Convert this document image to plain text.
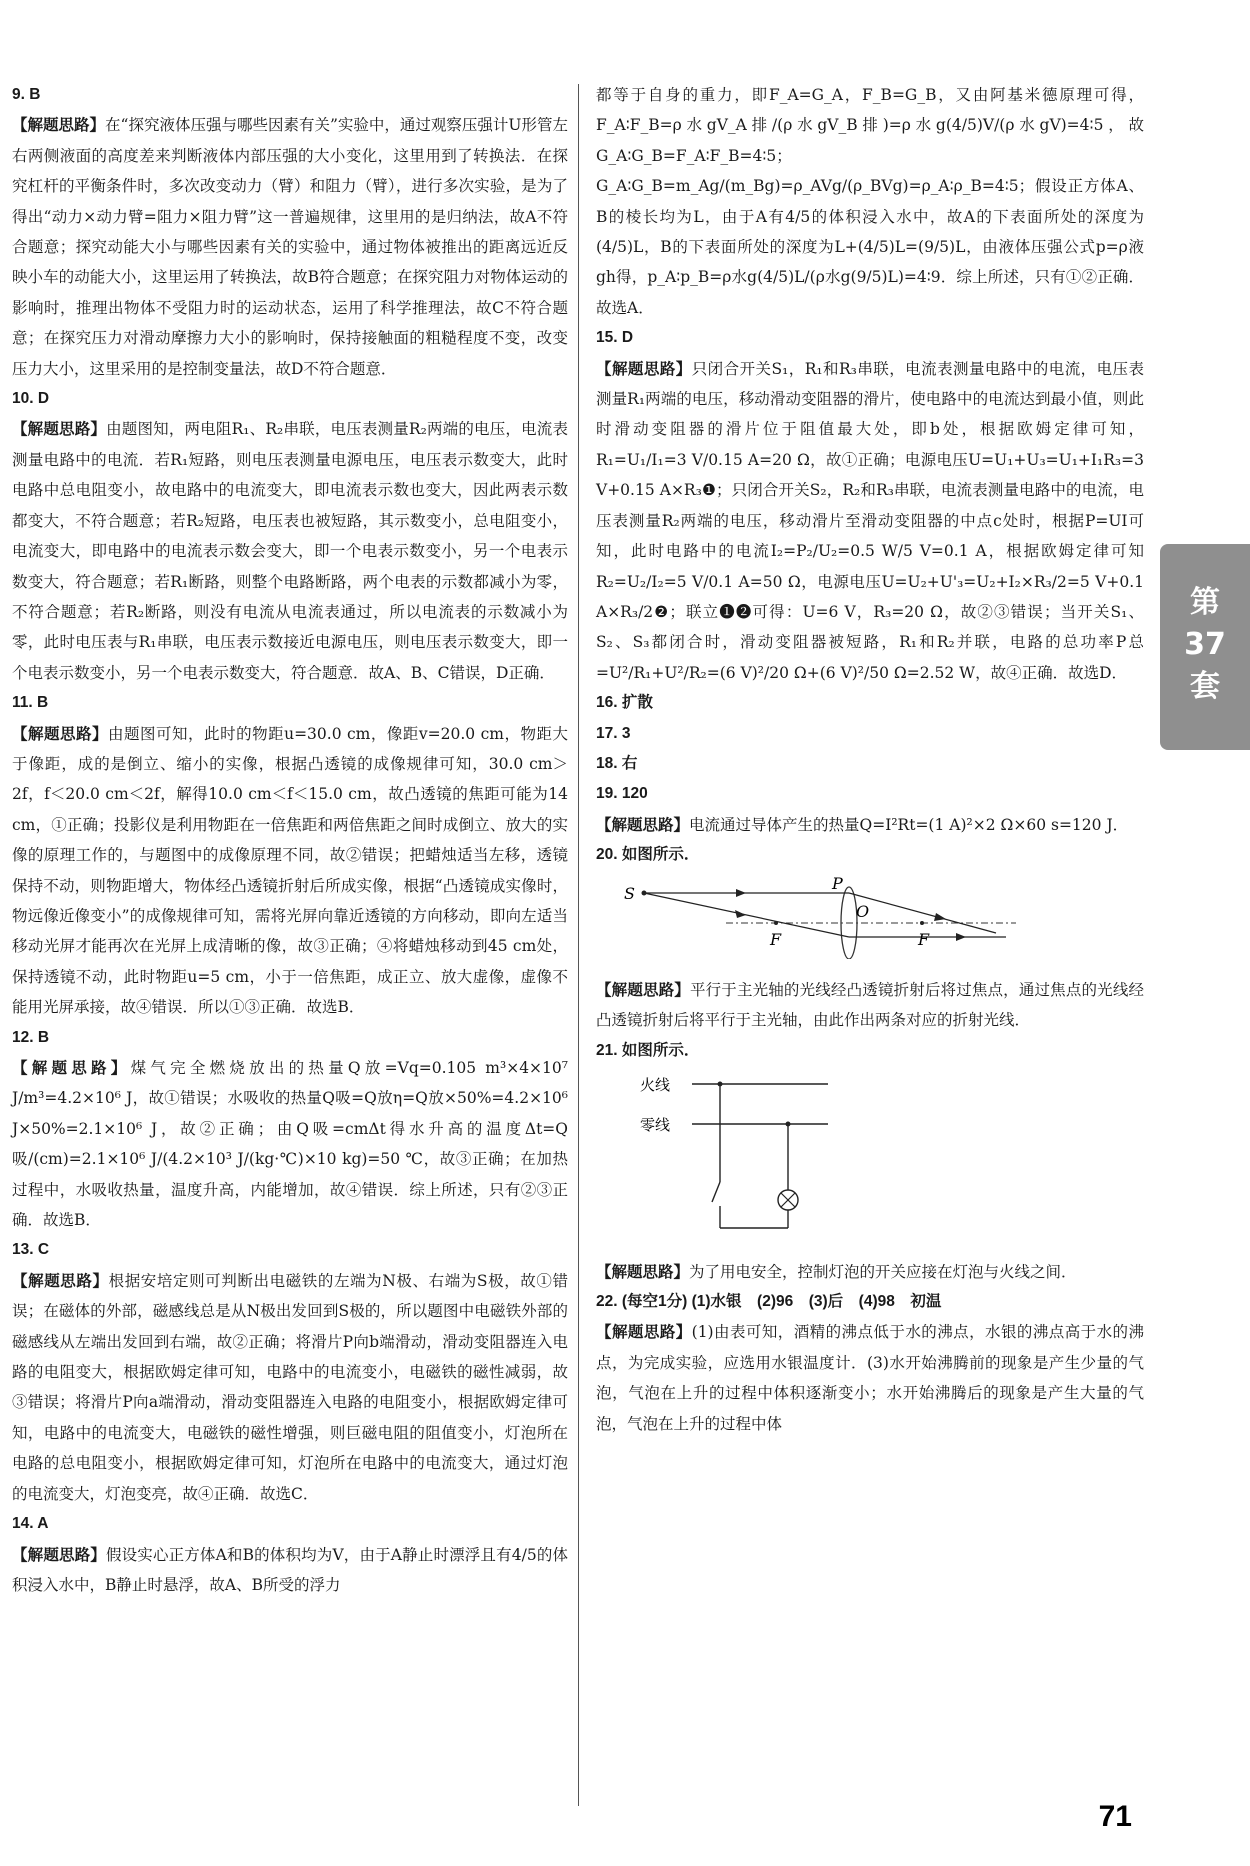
9. B
【解题思路】在“探究液体压强与哪些因素有关”实验中，通过观察压强计U形管左右两侧液面的高度差来判断液体内部压强的大小变化，这里用到了转换法．在探究杠杆的平衡条件时，多次改变动力（臂）和阻力（臂），进行多次实验，是为了得出“动力×动力臂=阻力×阻力臂”这一普遍规律，这里用的是归纳法，故A不符合题意；探究动能大小与哪些因素有关的实验中，通过物体被推出的距离远近反映小车的动能大小，这里运用了转换法，故B符合题意；在探究阻力对物体运动的影响时，推理出物体不受阻力时的运动状态，运用了科学推理法，故C不符合题意；在探究压力对滑动摩擦力大小的影响时，保持接触面的粗糙程度不变，改变压力大小，这里采用的是控制变量法，故D不符合题意．
10. D
【解题思路】由题图知，两电阻R₁、R₂串联，电压表测量R₂两端的电压，电流表测量电路中的电流．若R₁短路，则电压表测量电源电压，电压表示数变大，此时电路中总电阻变小，故电路中的电流变大，即电流表示数也变大，因此两表示数都变大，不符合题意；若R₂短路，电压表也被短路，其示数变小，总电阻变小，电流变大，即电路中的电流表示数会变大，即一个电表示数变小，另一个电表示数变大，符合题意；若R₁断路，则整个电路断路，两个电表的示数都减小为零，不符合题意；若R₂断路，则没有电流从电流表通过，所以电流表的示数减小为零，此时电压表与R₁串联，电压表示数接近电源电压，则电压表示数变大，即一个电表示数变小，另一个电表示数变大，符合题意．故A、B、C错误，D正确．
11. B
【解题思路】由题图可知，此时的物距u=30.0 cm，像距v=20.0 cm，物距大于像距，成的是倒立、缩小的实像，根据凸透镜的成像规律可知，30.0 cm＞2f，f＜20.0 cm＜2f，解得10.0 cm＜f＜15.0 cm，故凸透镜的焦距可能为14 cm，①正确；投影仪是利用物距在一倍焦距和两倍焦距之间时成倒立、放大的实像的原理工作的，与题图中的成像原理不同，故②错误；把蜡烛适当左移，透镜保持不动，则物距增大，物体经凸透镜折射后所成实像，根据“凸透镜成实像时，物远像近像变小”的成像规律可知，需将光屏向靠近透镜的方向移动，即向左适当移动光屏才能再次在光屏上成清晰的像，故③正确；④将蜡烛移动到45 cm处，保持透镜不动，此时物距u=5 cm，小于一倍焦距，成正立、放大虚像，虚像不能用光屏承接，故④错误．所以①③正确．故选B．
12. B
【解题思路】煤气完全燃烧放出的热量Q放=Vq=0.105 m³×4×10⁷ J/m³=4.2×10⁶ J，故①错误；水吸收的热量Q吸=Q放η=Q放×50%=4.2×10⁶ J×50%=2.1×10⁶ J，故②正确；由Q吸=cmΔt得水升高的温度Δt=Q吸/(cm)=2.1×10⁶ J/(4.2×10³ J/(kg·℃)×10 kg)=50 ℃，故③正确；在加热过程中，水吸收热量，温度升高，内能增加，故④错误．综上所述，只有②③正确．故选B．
13. C
【解题思路】根据安培定则可判断出电磁铁的左端为N极、右端为S极，故①错误；在磁体的外部，磁感线总是从N极出发回到S极的，所以题图中电磁铁外部的磁感线从左端出发回到右端，故②正确；将滑片P向b端滑动，滑动变阻器连入电路的电阻变大，根据欧姆定律可知，电路中的电流变小，电磁铁的磁性减弱，故③错误；将滑片P向a端滑动，滑动变阻器连入电路的电阻变小，根据欧姆定律可知，电路中的电流变大，电磁铁的磁性增强，则巨磁电阻的阻值变小，灯泡所在电路的总电阻变小，根据欧姆定律可知，灯泡所在电路中的电流变大，通过灯泡的电流变大，灯泡变亮，故④正确．故选C．
14. A
【解题思路】假设实心正方体A和B的体积均为V，由于A静止时漂浮且有4/5的体积浸入水中，B静止时悬浮，故A、B所受的浮力
都等于自身的重力，即F_A=G_A，F_B=G_B，又由阿基米德原理可得，F_A∶F_B=ρ水gV_A排/(ρ水gV_B排)=ρ水g(4/5)V/(ρ水gV)=4∶5，故G_A∶G_B=F_A∶F_B=4∶5；G_A∶G_B=m_Ag/(m_Bg)=ρ_AVg/(ρ_BVg)=ρ_A∶ρ_B=4∶5；假设正方体A、B的棱长均为L，由于A有4/5的体积浸入水中，故A的下表面所处的深度为(4/5)L，B的下表面所处的深度为L+(4/5)L=(9/5)L，由液体压强公式p=ρ液gh得，p_A∶p_B=ρ水g(4/5)L/(ρ水g(9/5)L)=4∶9．综上所述，只有①②正确．故选A．
15. D
【解题思路】只闭合开关S₁，R₁和R₃串联，电流表测量电路中的电流，电压表测量R₁两端的电压，移动滑动变阻器的滑片，使电路中的电流达到最小值，则此时滑动变阻器的滑片位于阻值最大处，即b处，根据欧姆定律可知，R₁=U₁/I₁=3 V/0.15 A=20 Ω，故①正确；电源电压U=U₁+U₃=U₁+I₁R₃=3 V+0.15 A×R₃❶；只闭合开关S₂，R₂和R₃串联，电流表测量电路中的电流，电压表测量R₂两端的电压，移动滑片至滑动变阻器的中点c处时，根据P=UI可知，此时电路中的电流I₂=P₂/U₂=0.5 W/5 V=0.1 A，根据欧姆定律可知R₂=U₂/I₂=5 V/0.1 A=50 Ω，电源电压U=U₂+U'₃=U₂+I₂×R₃/2=5 V+0.1 A×R₃/2❷；联立❶❷可得：U=6 V，R₃=20 Ω，故②③错误；当开关S₁、S₂、S₃都闭合时，滑动变阻器被短路，R₁和R₂并联，电路的总功率P总=U²/R₁+U²/R₂=(6 V)²/20 Ω+(6 V)²/50 Ω=2.52 W，故④正确．故选D．
16. 扩散
17. 3
18. 右
19. 120
【解题思路】电流通过导体产生的热量Q=I²Rt=(1 A)²×2 Ω×60 s=120 J．
20. 如图所示．
S
P
O
F	F
【解题思路】平行于主光轴的光线经凸透镜折射后将过焦点，通过焦点的光线经凸透镜折射后将平行于主光轴，由此作出两条对应的折射光线．
21. 如图所示．
火线
零线
【解题思路】为了用电安全，控制灯泡的开关应接在灯泡与火线之间．
22. (每空1分) (1)水银　(2)96　(3)后　(4)98　初温
【解题思路】(1)由表可知，酒精的沸点低于水的沸点，水银的沸点高于水的沸点，为完成实验，应选用水银温度计．(3)水开始沸腾前的现象是产生少量的气泡，气泡在上升的过程中体积逐渐变小；水开始沸腾后的现象是产生大量的气泡，气泡在上升的过程中体
第
37
套
71
